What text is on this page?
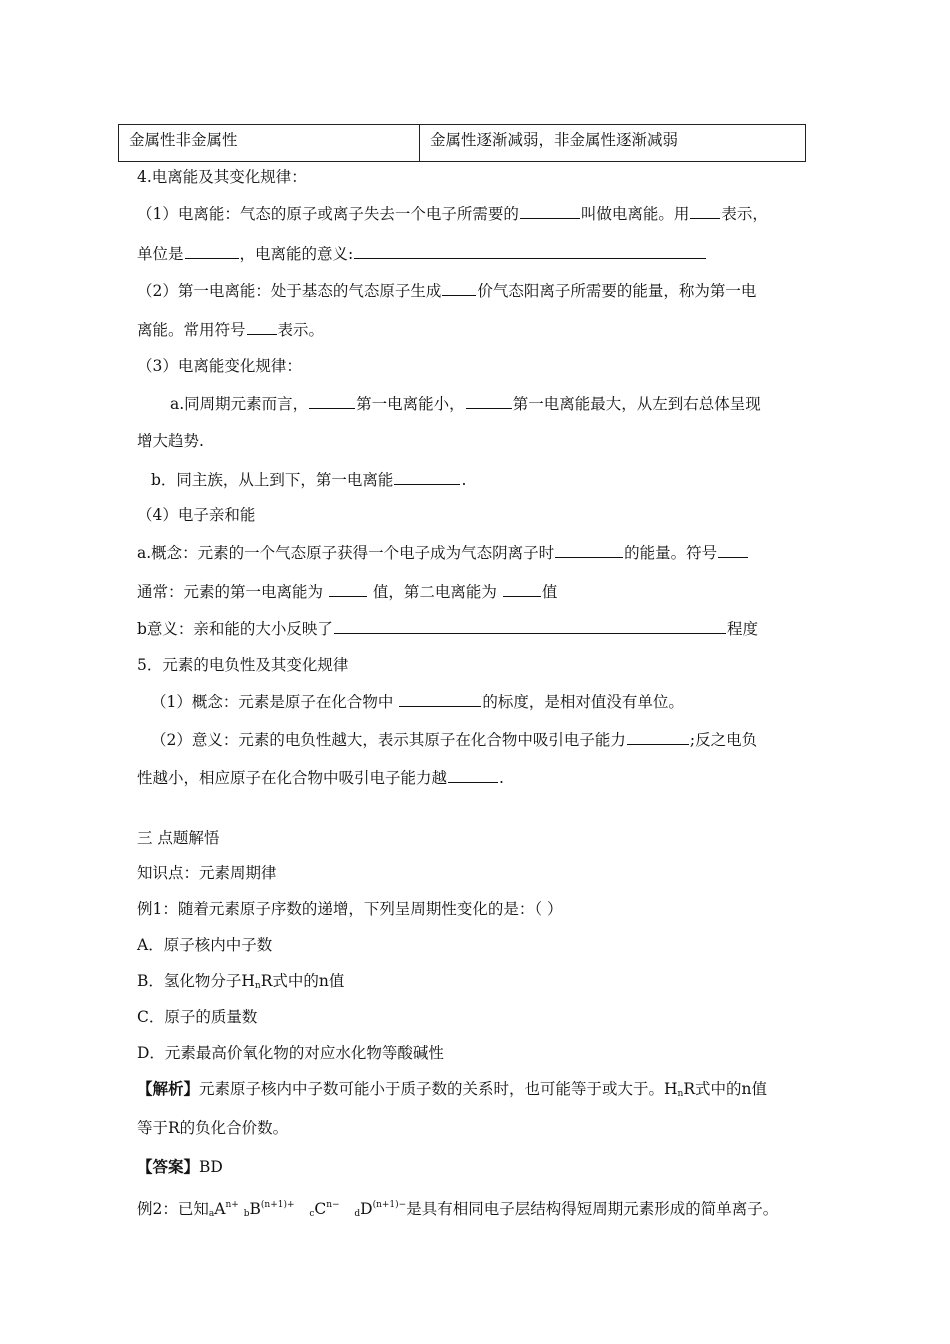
金属性非金属性	金属性逐渐减弱，非金属性逐渐减弱
4.电离能及其变化规律：
（1）电离能：气态的原子或离子失去一个电子所需要的	叫做电离能。用 表示，
单位是	，电离能的意义:
（2）第一电离能：处于基态的气态原子生成 价气态阳离子所需要的能量，称为第一电
离能。常用符号 表示。
（3）电离能变化规律：
a.同周期元素而言，	第一电离能小，	第一电离能最大，从左到右总体呈现
增大趋势.
b．同主族，从上到下，第一电离能	.
（4）电子亲和能
a.概念：元素的一个气态原子获得一个电子成为气态阴离子时	的能量。符号
通常：元素的第一电离能为	值，第二电离能为	值
b意义：亲和能的大小反映了	程度
5．元素的电负性及其变化规律
（1）概念：元素是原子在化合物中	的标度，是相对值没有单位。
（2）意义：元素的电负性越大，表示其原子在化合物中吸引电子能力	;反之电负
性越小，相应原子在化合物中吸引电子能力越	.
三 点题解悟
知识点：元素周期律
例1：随着元素原子序数的递增，下列呈周期性变化的是：（ ）
A．原子核内中子数
B．氢化物分子$H_nR$式中的n值
C．原子的质量数
D．元素最高价氧化物的对应水化物等酸碱性
【解析】元素原子核内中子数可能小于质子数的关系时，也可能等于或大于。$H_nR$式中的n值
等于R的负化合价数。
【答案】BD
例2：已知$_aA^{n+}$ $_bB^{(n+1)+}$   $_cC^{n-}$   $_dD^{(n+1)-}$是具有相同电子层结构得短周期元素形成的简单离子。
